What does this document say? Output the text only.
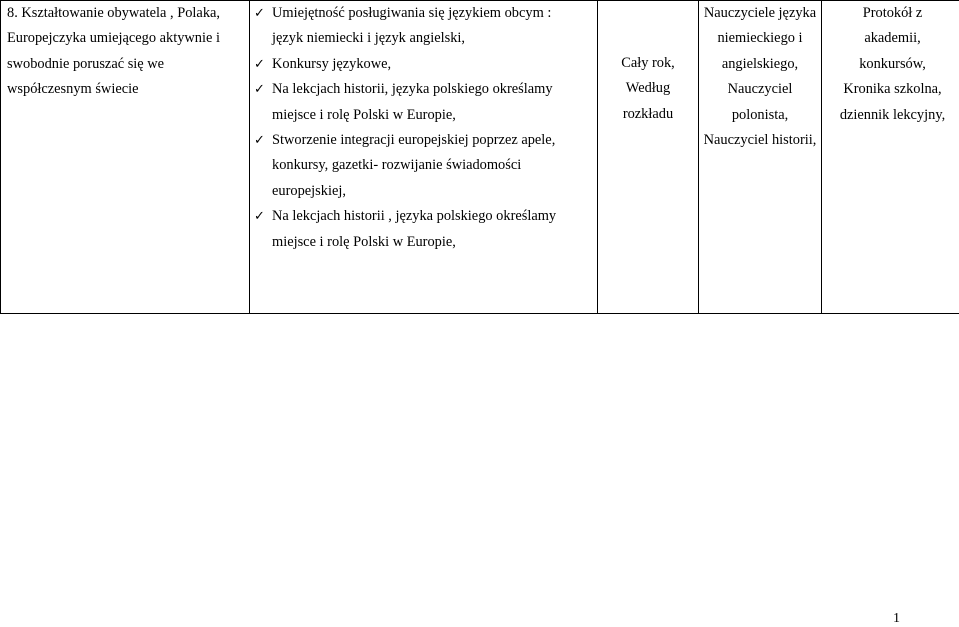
8. Kształtowanie obywatela , Polaka,
Europejczyka umiejącego aktywnie i
swobodnie poruszać się we
współczesnym świecie

✓ Umiejętność posługiwania się językiem obcym :
język niemiecki i język angielski,
✓ Konkursy językowe,
✓ Na lekcjach historii, języka polskiego określamy
miejsce i rolę Polski w Europie,
✓ Stworzenie integracji europejskiej poprzez apele,
konkursy, gazetki- rozwijanie świadomości
europejskiej,
✓ Na lekcjach historii , języka polskiego określamy
miejsce i rolę Polski w Europie,

Cały rok,
Według
rozkładu

Nauczyciele języka
niemieckiego i
angielskiego,
Nauczyciel
polonista,
Nauczyciel historii,

Protokół z
akademii,
konkursów,
Kronika szkolna,
dziennik lekcyjny,
1
